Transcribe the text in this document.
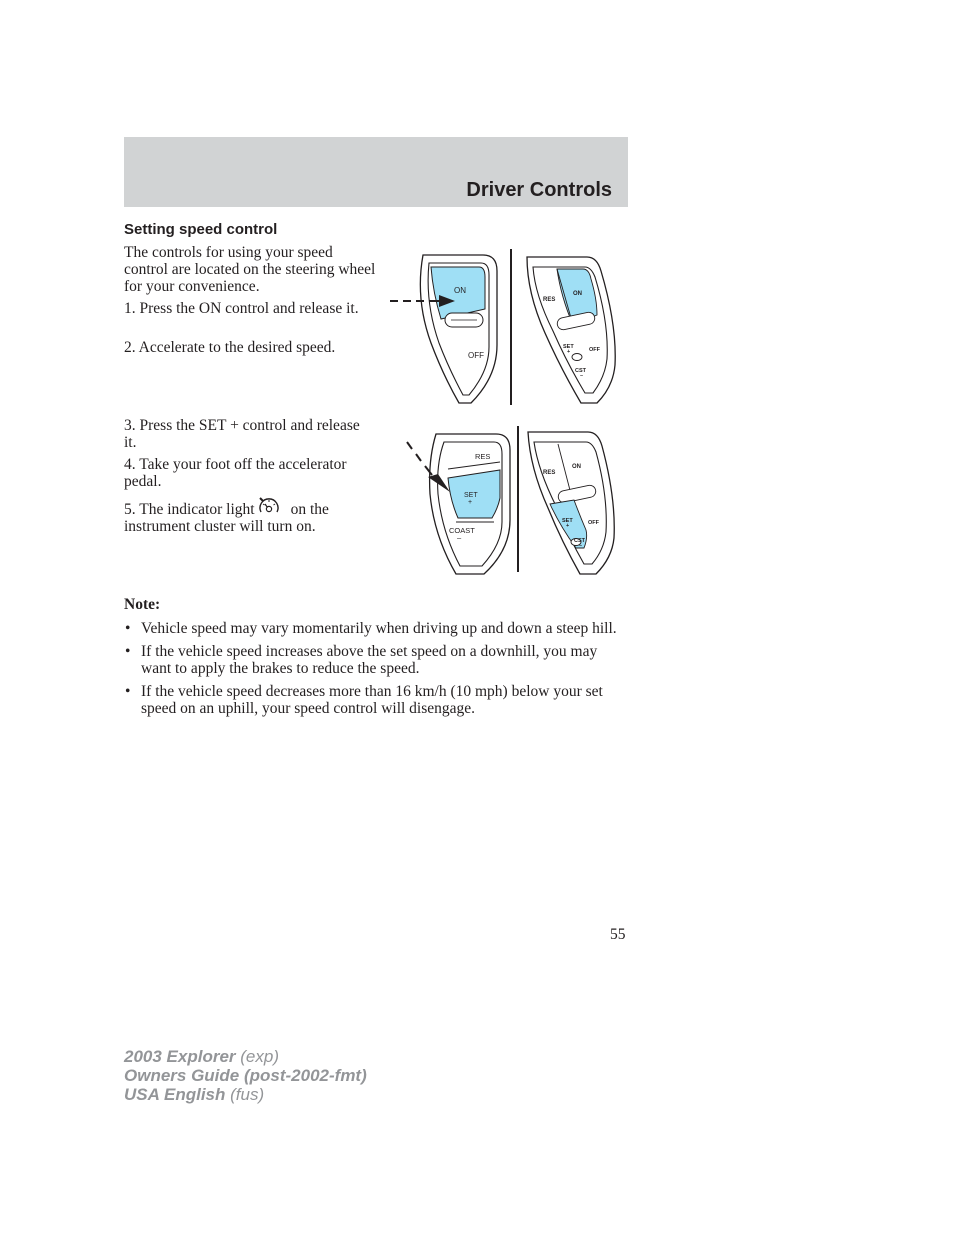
Driver Controls
Setting speed control

The controls for using your speed control are located on the steering wheel for your convenience.

1. Press the ON control and release it.

2. Accelerate to the desired speed.

3. Press the SET + control and release it.

4. Take your foot off the accelerator pedal.

5. The indicator light on the instrument cluster will turn on.

ON
OFF
RES
ON
SET
+	OFF
CST
–
RES
SET
+
COAST
–
RES
ON
SET
+	OFF
CST
–
Note:
• Vehicle speed may vary momentarily when driving up and down a steep hill.
• If the vehicle speed increases above the set speed on a downhill, you may want to apply the brakes to reduce the speed.
• If the vehicle speed decreases more than 16 km/h (10 mph) below your set speed on an uphill, your speed control will disengage.
55
2003 Explorer (exp)
Owners Guide (post-2002-fmt)
USA English (fus)
